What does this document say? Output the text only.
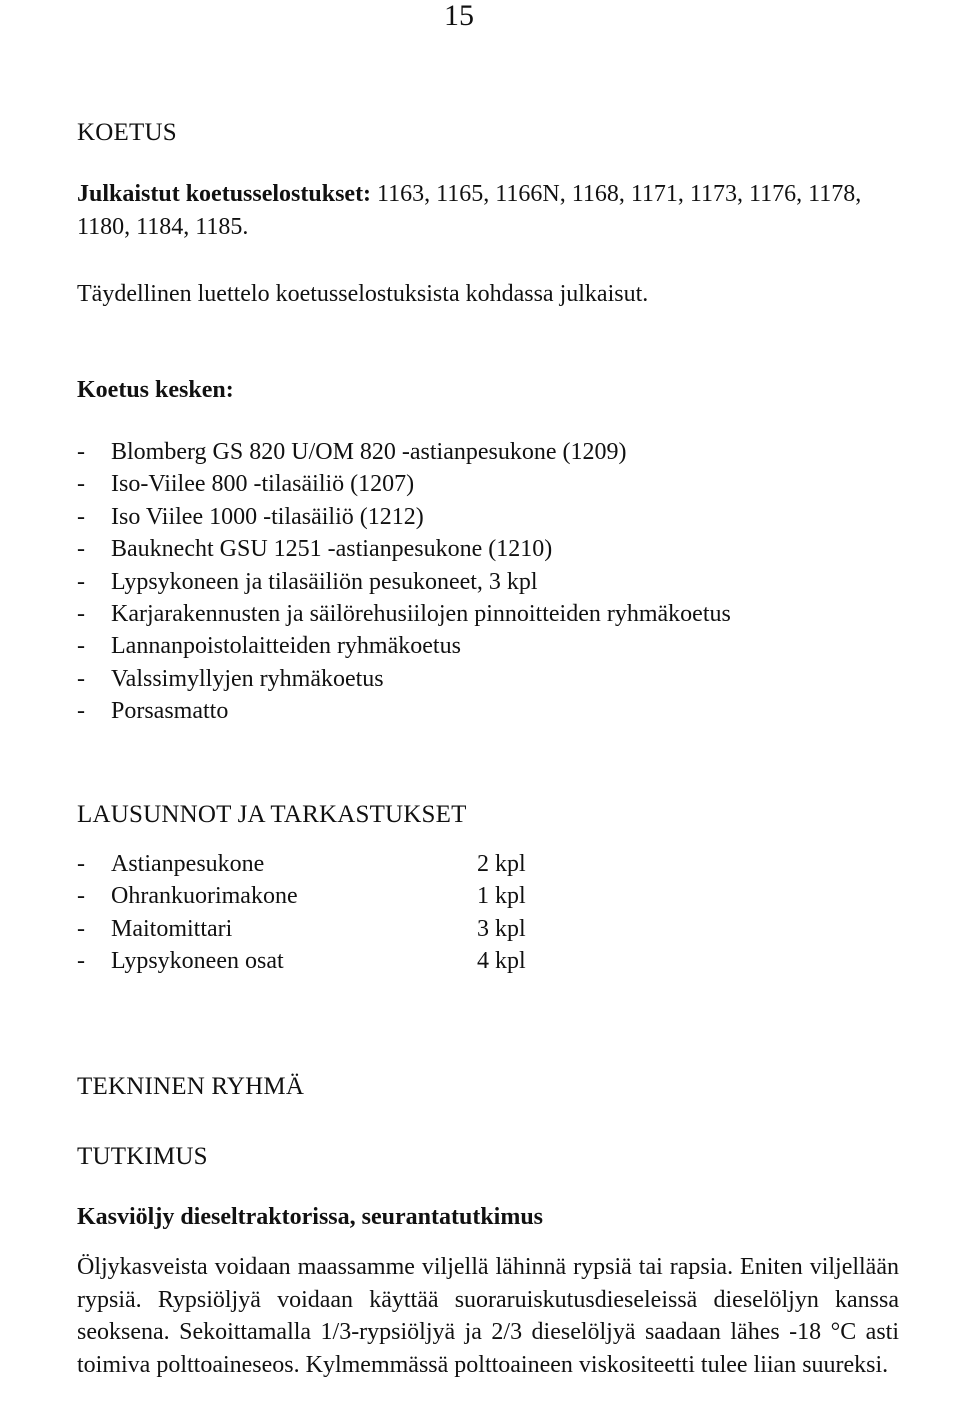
15
KOETUS
Julkaistut koetusselostukset: 1163, 1165, 1166N, 1168, 1171, 1173, 1176, 1178, 1180, 1184, 1185.
Täydellinen luettelo koetusselostuksista kohdassa julkaisut.
Koetus kesken:
-	Blomberg GS 820 U/OM 820 -astianpesukone (1209)
-	Iso-Viilee 800 -tilasäiliö (1207)
-	Iso Viilee 1000 -tilasäiliö (1212)
-	Bauknecht GSU 1251 -astianpesukone (1210)
-	Lypsykoneen ja tilasäiliön pesukoneet, 3 kpl
-	Karjarakennusten ja säilörehusiilojen pinnoitteiden ryhmäkoetus
-	Lannanpoistolaitteiden ryhmäkoetus
-	Valssimyllyjen ryhmäkoetus
-	Porsasmatto
LAUSUNNOT JA TARKASTUKSET
-	Astianpesukone	2 kpl
-	Ohrankuorimakone	1 kpl
-	Maitomittari	3 kpl
-	Lypsykoneen osat	4 kpl
TEKNINEN RYHMÄ
TUTKIMUS
Kasviöljy dieseltraktorissa, seurantatutkimus
Öljykasveista voidaan maassamme viljellä lähinnä rypsiä tai rapsia. Eniten viljellään rypsiä. Rypsiöljyä voidaan käyttää suoraruiskutusdieseleissä dieselöljyn kanssa seoksena. Sekoittamalla 1/3-rypsiöljyä ja 2/3 dieselöljyä saadaan lähes -18 °C asti toimiva polttoaineseos. Kylmemmässä polttoaineen viskositeetti tulee liian suureksi.
